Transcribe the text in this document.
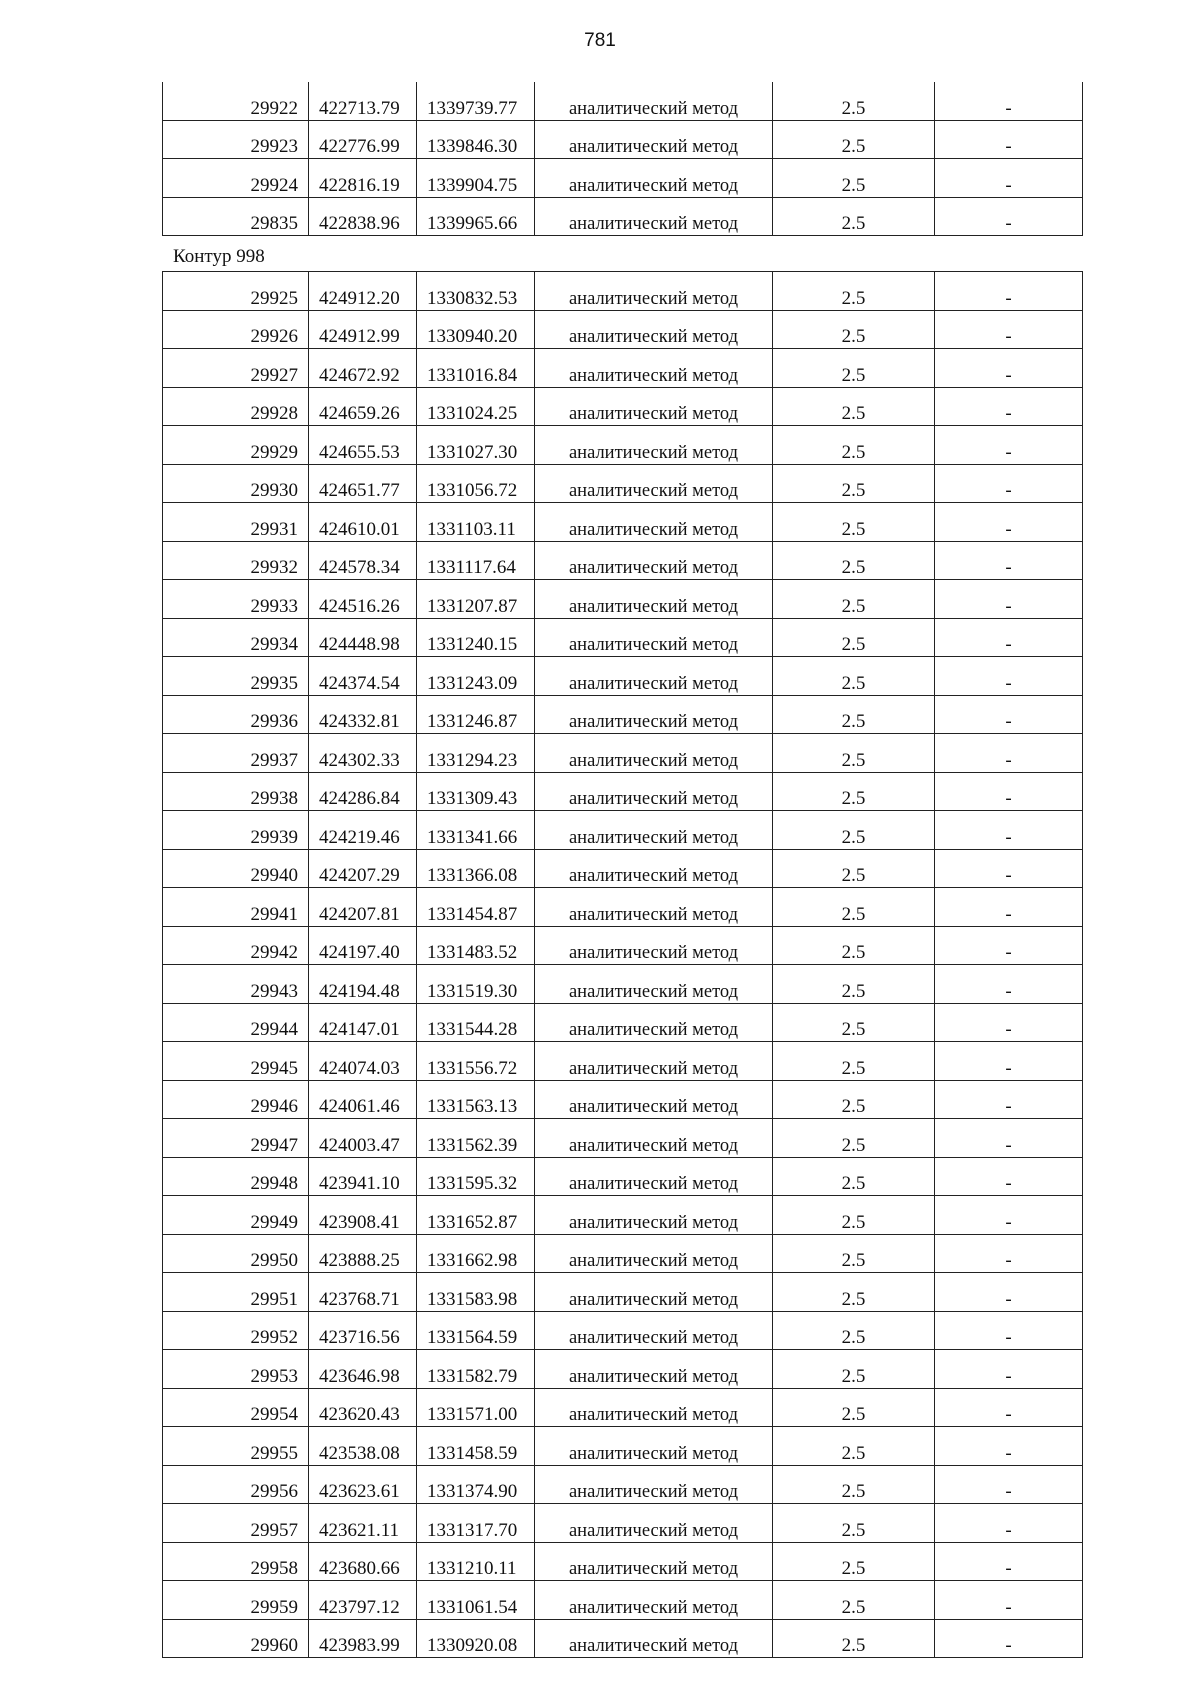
781
29922	422713.79	1339739.77	аналитический метод	2.5	-
29923	422776.99	1339846.30	аналитический метод	2.5	-
29924	422816.19	1339904.75	аналитический метод	2.5	-
29835	422838.96	1339965.66	аналитический метод	2.5	-
Контур 998
29925	424912.20	1330832.53	аналитический метод	2.5	-
29926	424912.99	1330940.20	аналитический метод	2.5	-
29927	424672.92	1331016.84	аналитический метод	2.5	-
29928	424659.26	1331024.25	аналитический метод	2.5	-
29929	424655.53	1331027.30	аналитический метод	2.5	-
29930	424651.77	1331056.72	аналитический метод	2.5	-
29931	424610.01	1331103.11	аналитический метод	2.5	-
29932	424578.34	1331117.64	аналитический метод	2.5	-
29933	424516.26	1331207.87	аналитический метод	2.5	-
29934	424448.98	1331240.15	аналитический метод	2.5	-
29935	424374.54	1331243.09	аналитический метод	2.5	-
29936	424332.81	1331246.87	аналитический метод	2.5	-
29937	424302.33	1331294.23	аналитический метод	2.5	-
29938	424286.84	1331309.43	аналитический метод	2.5	-
29939	424219.46	1331341.66	аналитический метод	2.5	-
29940	424207.29	1331366.08	аналитический метод	2.5	-
29941	424207.81	1331454.87	аналитический метод	2.5	-
29942	424197.40	1331483.52	аналитический метод	2.5	-
29943	424194.48	1331519.30	аналитический метод	2.5	-
29944	424147.01	1331544.28	аналитический метод	2.5	-
29945	424074.03	1331556.72	аналитический метод	2.5	-
29946	424061.46	1331563.13	аналитический метод	2.5	-
29947	424003.47	1331562.39	аналитический метод	2.5	-
29948	423941.10	1331595.32	аналитический метод	2.5	-
29949	423908.41	1331652.87	аналитический метод	2.5	-
29950	423888.25	1331662.98	аналитический метод	2.5	-
29951	423768.71	1331583.98	аналитический метод	2.5	-
29952	423716.56	1331564.59	аналитический метод	2.5	-
29953	423646.98	1331582.79	аналитический метод	2.5	-
29954	423620.43	1331571.00	аналитический метод	2.5	-
29955	423538.08	1331458.59	аналитический метод	2.5	-
29956	423623.61	1331374.90	аналитический метод	2.5	-
29957	423621.11	1331317.70	аналитический метод	2.5	-
29958	423680.66	1331210.11	аналитический метод	2.5	-
29959	423797.12	1331061.54	аналитический метод	2.5	-
29960	423983.99	1330920.08	аналитический метод	2.5	-
